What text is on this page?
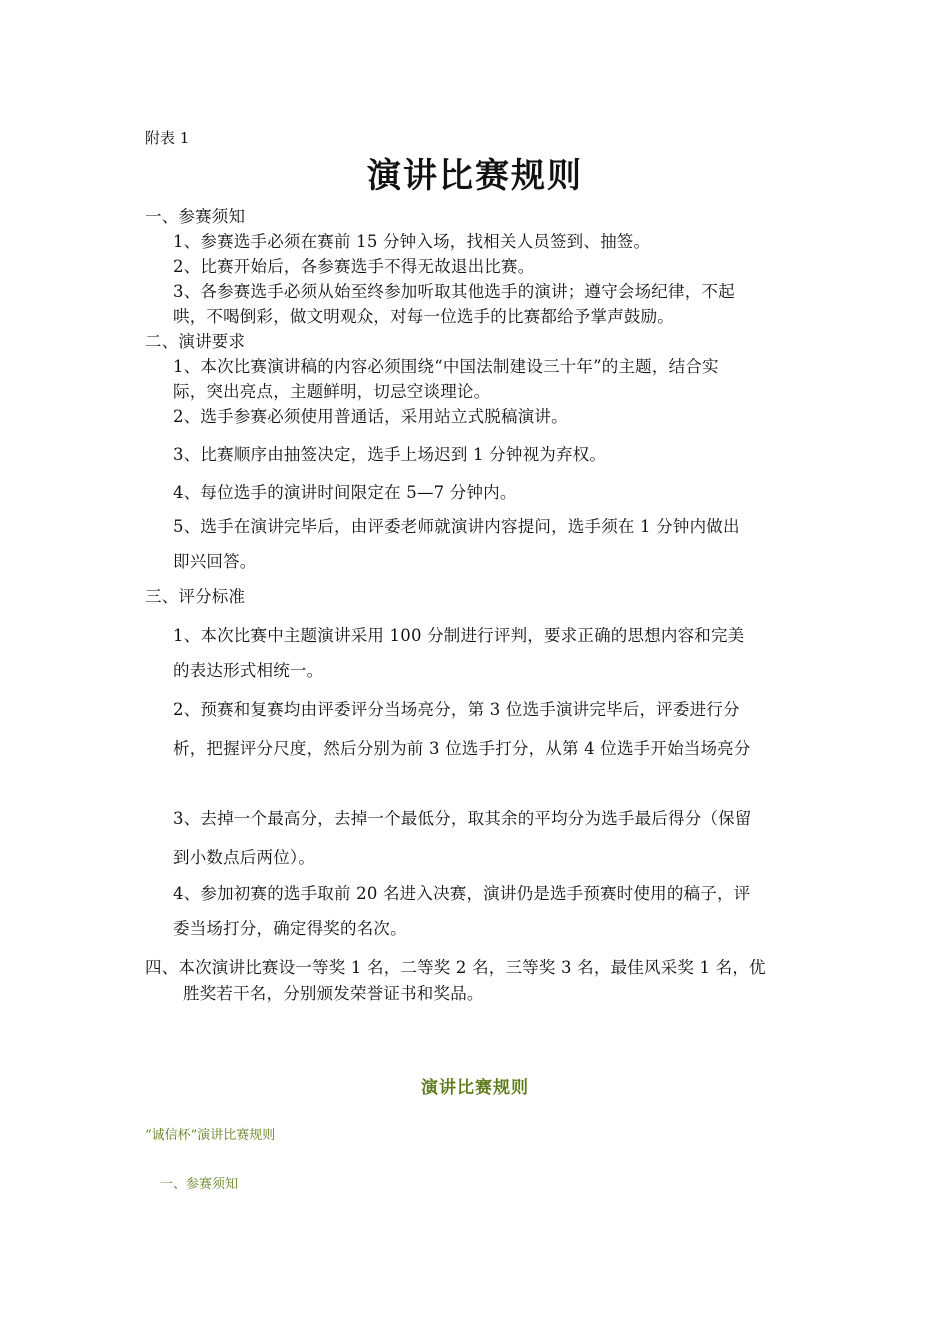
附表 1
演讲比赛规则
一、参赛须知
1、参赛选手必须在赛前 15 分钟入场，找相关人员签到、抽签。
2、比赛开始后，各参赛选手不得无故退出比赛。
3、各参赛选手必须从始至终参加听取其他选手的演讲；遵守会场纪律，不起
哄，不喝倒彩，做文明观众，对每一位选手的比赛都给予掌声鼓励。
二、演讲要求
1、本次比赛演讲稿的内容必须围绕“中国法制建设三十年”的主题，结合实
际，突出亮点，主题鲜明，切忌空谈理论。
2、选手参赛必须使用普通话，采用站立式脱稿演讲。
3、比赛顺序由抽签决定，选手上场迟到 1 分钟视为弃权。
4、每位选手的演讲时间限定在 5—7 分钟内。
5、选手在演讲完毕后，由评委老师就演讲内容提问，选手须在 1 分钟内做出
即兴回答。
三、评分标准
1、本次比赛中主题演讲采用 100 分制进行评判，要求正确的思想内容和完美
的表达形式相统一。
2、预赛和复赛均由评委评分当场亮分，第 3 位选手演讲完毕后，评委进行分
析，把握评分尺度，然后分别为前 3 位选手打分，从第 4 位选手开始当场亮分
3、去掉一个最高分，去掉一个最低分，取其余的平均分为选手最后得分（保留
到小数点后两位）。
4、参加初赛的选手取前 20 名进入决赛，演讲仍是选手预赛时使用的稿子，评
委当场打分，确定得奖的名次。
四、本次演讲比赛设一等奖 1 名，二等奖 2 名，三等奖 3 名，最佳风采奖 1 名，优
胜奖若干名，分别颁发荣誉证书和奖品。
演讲比赛规则
“诚信杯”演讲比赛规则
一、参赛须知
